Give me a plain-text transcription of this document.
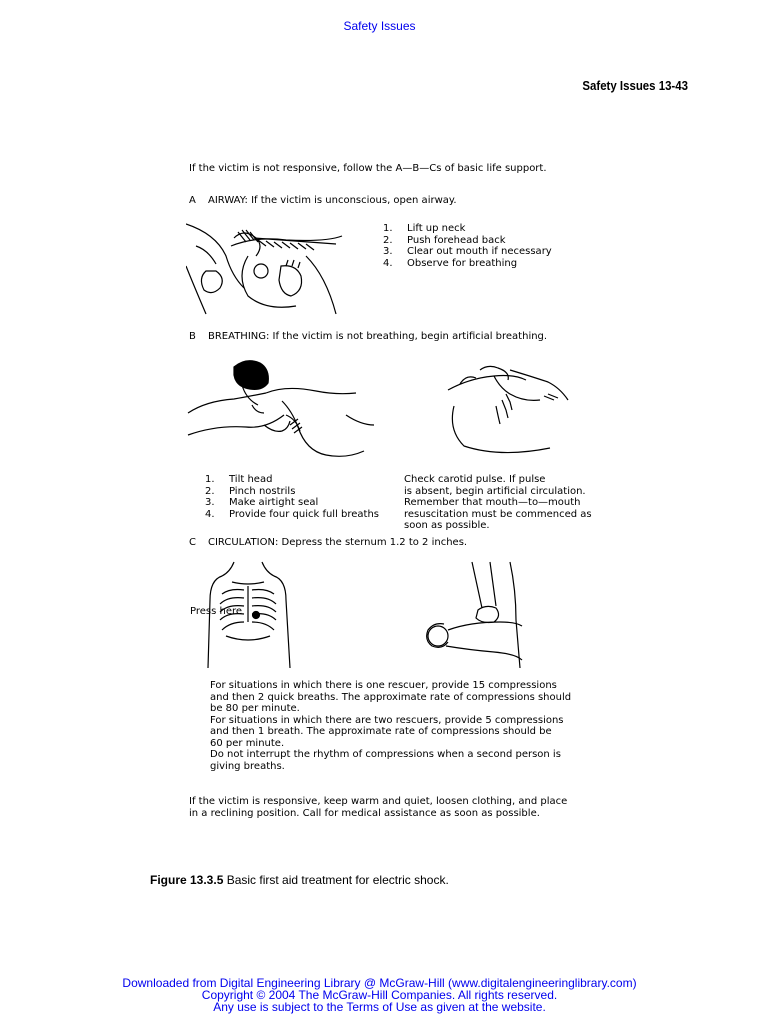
Safety Issues
Safety Issues 13-43
If the victim is not responsive, follow the A—B—Cs of basic life support.
A	AIRWAY: If the victim is unconscious, open airway.
1.	Lift up neck
2.	Push forehead back
3.	Clear out mouth if necessary
4.	Observe for breathing
B	BREATHING: If the victim is not breathing, begin artificial breathing.
1.	Tilt head
2.	Pinch nostrils
3.	Make airtight seal
4.	Provide four quick full breaths
Check carotid pulse. If pulse
is absent, begin artificial circulation.
Remember that mouth—to—mouth
resuscitation must be commenced as
soon as possible.
C	CIRCULATION: Depress the sternum 1.2 to 2 inches.
Press here
For situations in which there is one rescuer, provide 15 compressions
and then 2 quick breaths. The approximate rate of compressions should
be 80 per minute.
For situations in which there are two rescuers, provide 5 compressions
and then 1 breath. The approximate rate of compressions should be
60 per minute.
Do not interrupt the rhythm of compressions when a second person is
giving breaths.
If the victim is responsive, keep warm and quiet, loosen clothing, and place
in a reclining position. Call for medical assistance as soon as possible.
Figure 13.3.5 Basic first aid treatment for electric shock.
Downloaded from Digital Engineering Library @ McGraw-Hill (www.digitalengineeringlibrary.com)
Copyright © 2004 The McGraw-Hill Companies. All rights reserved.
Any use is subject to the Terms of Use as given at the website.
